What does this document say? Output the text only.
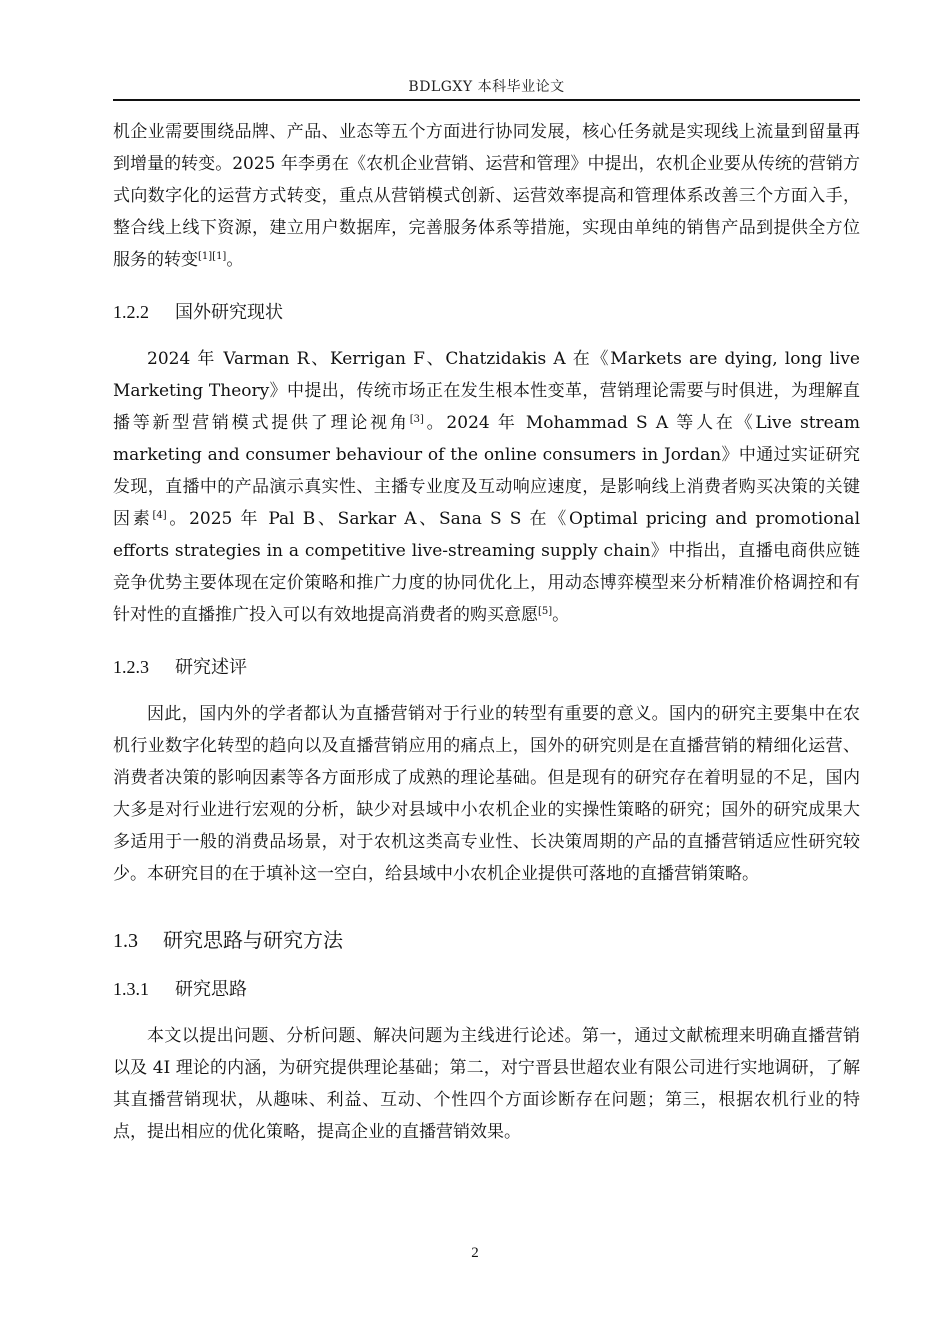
BDLGXY 本科毕业论文

机企业需要围绕品牌、产品、业态等五个方面进行协同发展，核心任务就是实现线上流量到留量再到增量的转变。2025 年李勇在《农机企业营销、运营和管理》中提出，农机企业要从传统的营销方式向数字化的运营方式转变，重点从营销模式创新、运营效率提高和管理体系改善三个方面入手，整合线上线下资源，建立用户数据库，完善服务体系等措施，实现由单纯的销售产品到提供全方位服务的转变[1][1]。

1.2.2 国外研究现状

2024 年 Varman R、Kerrigan F、Chatzidakis A 在《Markets are dying, long live Marketing Theory》中提出，传统市场正在发生根本性变革，营销理论需要与时俱进，为理解直播等新型营销模式提供了理论视角[3]。2024 年 Mohammad S A 等人在《Live stream marketing and consumer behaviour of the online consumers in Jordan》中通过实证研究发现，直播中的产品演示真实性、主播专业度及互动响应速度，是影响线上消费者购买决策的关键因素[4]。2025 年 Pal B、Sarkar A、Sana S S 在《Optimal pricing and promotional efforts strategies in a competitive live-streaming supply chain》中指出，直播电商供应链竞争优势主要体现在定价策略和推广力度的协同优化上，用动态博弈模型来分析精准价格调控和有针对性的直播推广投入可以有效地提高消费者的购买意愿[5]。

1.2.3 研究述评

因此，国内外的学者都认为直播营销对于行业的转型有重要的意义。国内的研究主要集中在农机行业数字化转型的趋向以及直播营销应用的痛点上，国外的研究则是在直播营销的精细化运营、消费者决策的影响因素等各方面形成了成熟的理论基础。但是现有的研究存在着明显的不足，国内大多是对行业进行宏观的分析，缺少对县域中小农机企业的实操性策略的研究；国外的研究成果大多适用于一般的消费品场景，对于农机这类高专业性、长决策周期的产品的直播营销适应性研究较少。本研究目的在于填补这一空白，给县域中小农机企业提供可落地的直播营销策略。

1.3 研究思路与研究方法
1.3.1 研究思路

本文以提出问题、分析问题、解决问题为主线进行论述。第一，通过文献梳理来明确直播营销以及 4I 理论的内涵，为研究提供理论基础；第二，对宁晋县世超农业有限公司进行实地调研，了解其直播营销现状，从趣味、利益、互动、个性四个方面诊断存在问题；第三，根据农机行业的特点，提出相应的优化策略，提高企业的直播营销效果。

2
